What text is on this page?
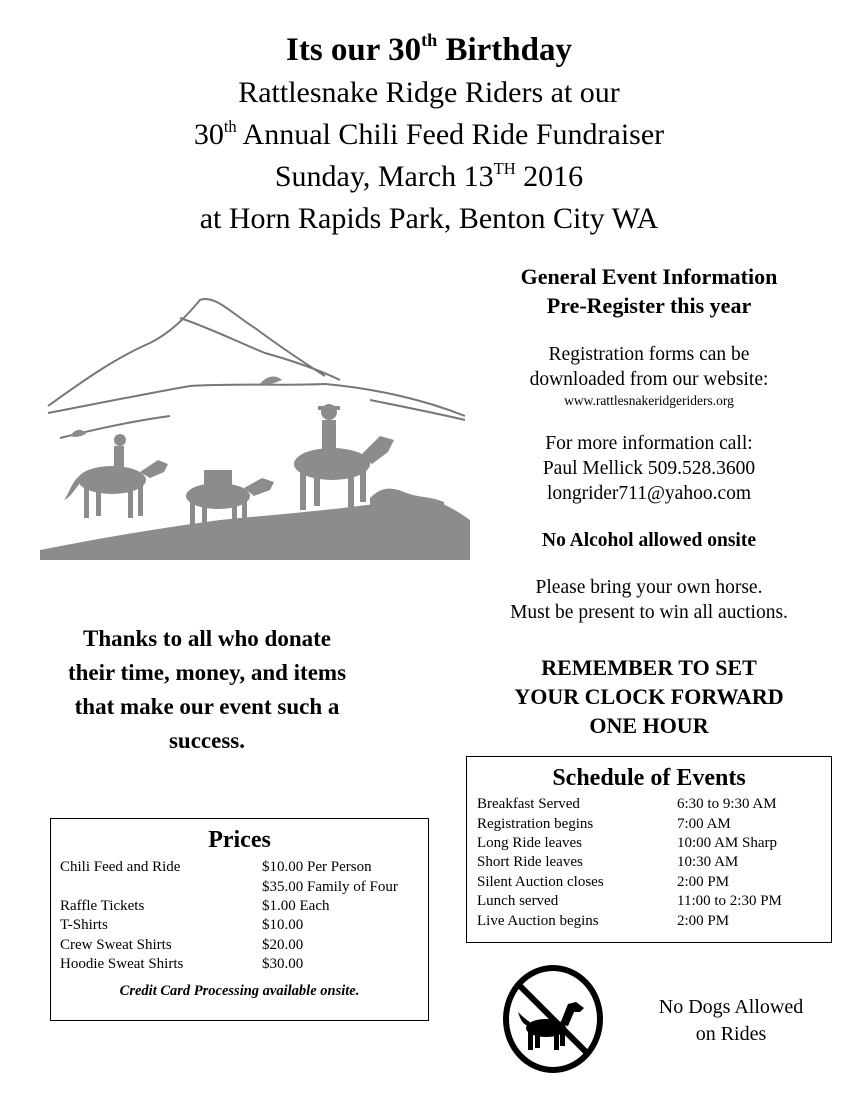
Its our 30th Birthday
Rattlesnake Ridge Riders at our
30th Annual Chili Feed Ride Fundraiser
Sunday, March 13TH 2016
at Horn Rapids Park, Benton City WA
General Event Information
Pre-Register this year
Registration forms can be
downloaded from our website:
www.rattlesnakeridgeriders.org
For more information call:
Paul Mellick 509.528.3600
longrider711@yahoo.com
No Alcohol allowed onsite
Please bring your own horse.
Must be present to win all auctions.
REMEMBER TO SET
YOUR CLOCK FORWARD
ONE HOUR
Thanks to all who donate
their time, money, and items
that make our event such a
success.
Schedule of Events
Breakfast Served	6:30 to 9:30 AM
Registration begins	7:00 AM
Long Ride leaves	10:00 AM Sharp
Short Ride leaves	10:30 AM
Silent Auction closes	2:00 PM
Lunch served	11:00 to 2:30 PM
Live Auction begins	2:00 PM
Prices
Chili Feed and Ride	$10.00 Per Person
$35.00 Family of Four
Raffle Tickets	$1.00 Each
T-Shirts	$10.00
Crew Sweat Shirts	$20.00
Hoodie Sweat Shirts	$30.00
Credit Card Processing available onsite.
No Dogs Allowed
on Rides
